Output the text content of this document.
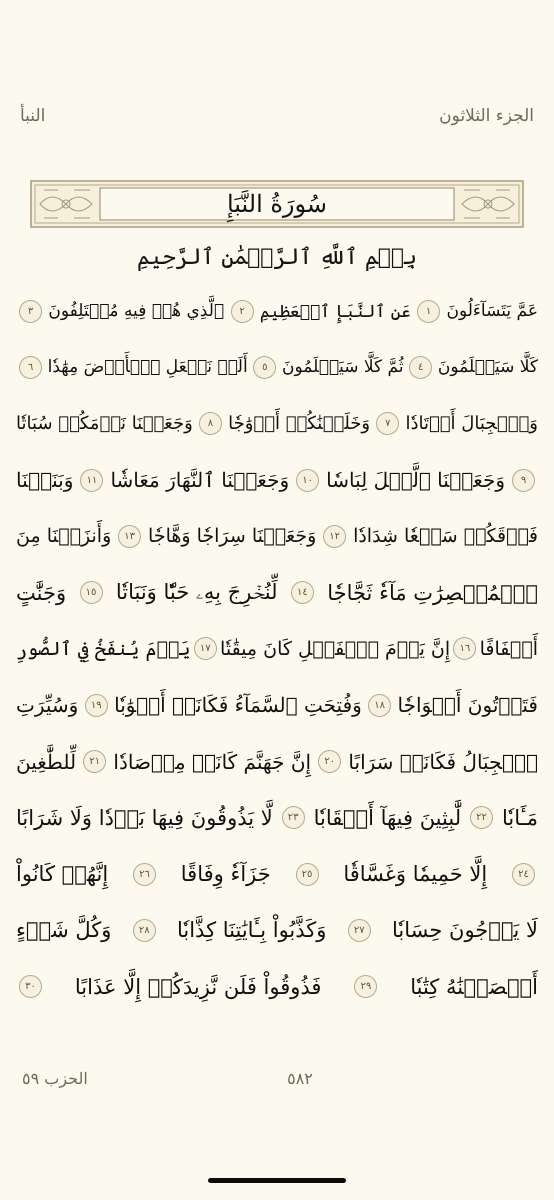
الجزء الثلاثون
النبأ
سُورَةُ النَّبَإِ
بِسۡمِ ٱللَّهِ ٱلرَّحۡمَٰنِ ٱلرَّحِيمِ
عَمَّ يَتَسَآءَلُونَ
١
عَنِ ٱلنَّبَإِ ٱلۡعَظِيمِ
٢
ٱلَّذِي هُمۡ فِيهِ مُخۡتَلِفُونَ
٣
كَلَّا سَيَعۡلَمُونَ
٤
ثُمَّ كَلَّا سَيَعۡلَمُونَ
٥
أَلَمۡ نَجۡعَلِ ٱلۡأَرۡضَ مِهَٰدٗا
٦
وَٱلۡجِبَالَ أَوۡتَادٗا
٧
وَخَلَقۡنَٰكُمۡ أَزۡوَٰجٗا
٨
وَجَعَلۡنَا نَوۡمَكُمۡ سُبَاتٗا
٩
وَجَعَلۡنَا ٱلَّيۡلَ لِبَاسٗا
١٠
وَجَعَلۡنَا ٱلنَّهَارَ مَعَاشٗا
١١
وَبَنَيۡنَا
فَوۡقَكُمۡ سَبۡعٗا شِدَادٗا
١٢
وَجَعَلۡنَا سِرَاجٗا وَهَّاجٗا
١٣
وَأَنزَلۡنَا مِنَ
ٱلۡمُعۡصِرَٰتِ مَآءٗ ثَجَّاجٗا
١٤
لِّنُخۡرِجَ بِهِۦ حَبّٗا وَنَبَاتٗا
١٥
وَجَنَّٰتٍ
أَلۡفَافًا
١٦
إِنَّ يَوۡمَ ٱلۡفَصۡلِ كَانَ مِيقَٰتٗا
١٧
يَوۡمَ يُنفَخُ فِي ٱلصُّورِ
فَتَأۡتُونَ أَفۡوَاجٗا
١٨
وَفُتِحَتِ ٱلسَّمَآءُ فَكَانَتۡ أَبۡوَٰبٗا
١٩
وَسُيِّرَتِ
ٱلۡجِبَالُ فَكَانَتۡ سَرَابًا
٢٠
إِنَّ جَهَنَّمَ كَانَتۡ مِرۡصَادٗا
٢١
لِّلطَّٰغِينَ
مَـَٔابٗا
٢٢
لَّٰبِثِينَ فِيهَآ أَحۡقَابٗا
٢٣
لَّا يَذُوقُونَ فِيهَا بَرۡدٗا وَلَا شَرَابًا
٢٤
إِلَّا حَمِيمٗا وَغَسَّاقٗا
٢٥
جَزَآءٗ وِفَاقًا
٢٦
إِنَّهُمۡ كَانُواْ
لَا يَرۡجُونَ حِسَابٗا
٢٧
وَكَذَّبُواْ بِـَٔايَٰتِنَا كِذَّابٗا
٢٨
وَكُلَّ شَيۡءٍ
أَحۡصَيۡنَٰهُ كِتَٰبٗا
٢٩
فَذُوقُواْ فَلَن نَّزِيدَكُمۡ إِلَّا عَذَابًا
٣٠
٥٨٢
الحزب ٥٩
